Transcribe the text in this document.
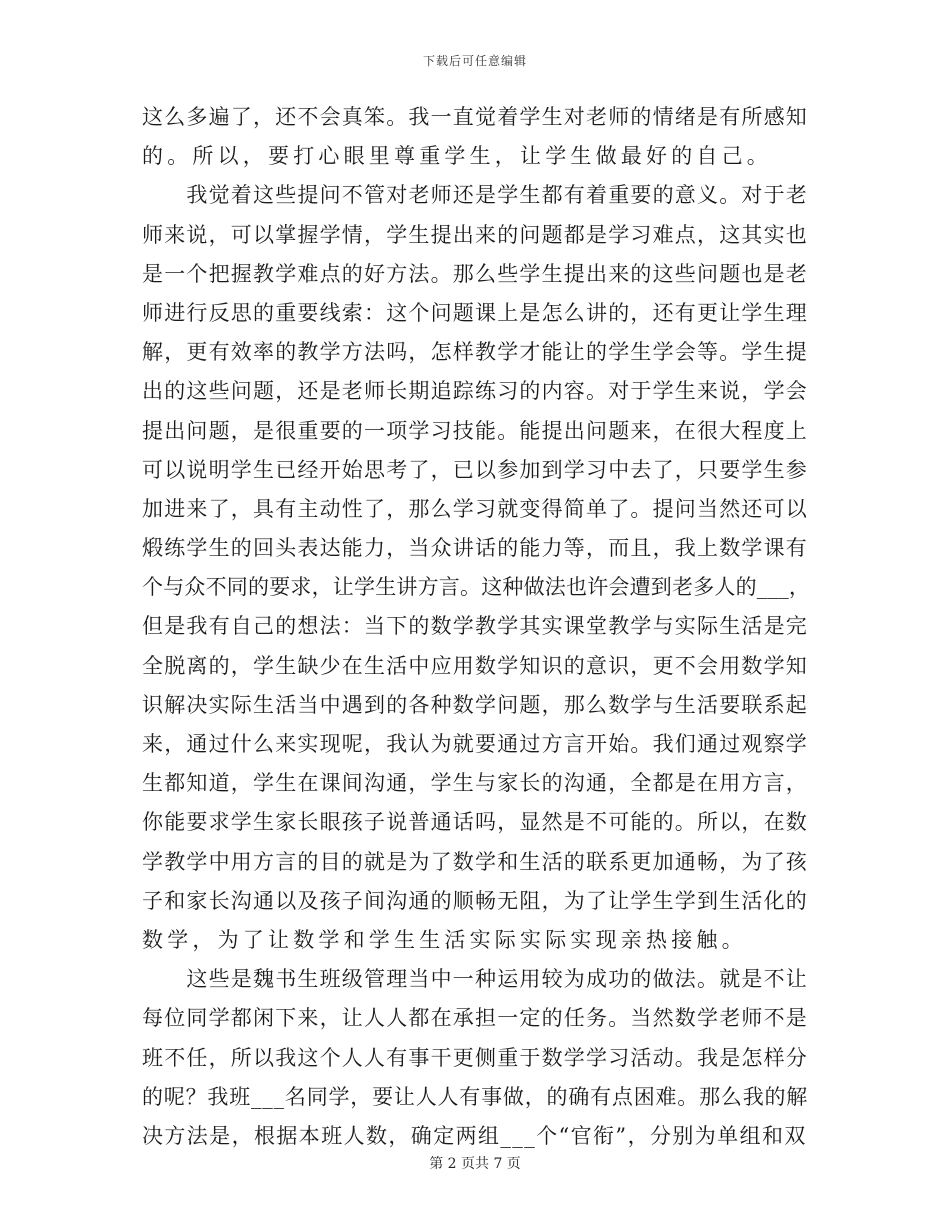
下载后可任意编辑
这么多遍了，还不会真笨。我一直觉着学生对老师的情绪是有所感知
的。所以，要打心眼里尊重学生，让学生做最好的自己。
　　我觉着这些提问不管对老师还是学生都有着重要的意义。对于老
师来说，可以掌握学情，学生提出来的问题都是学习难点，这其实也
是一个把握教学难点的好方法。那么些学生提出来的这些问题也是老
师进行反思的重要线索：这个问题课上是怎么讲的，还有更让学生理
解，更有效率的教学方法吗，怎样教学才能让的学生学会等。学生提
出的这些问题，还是老师长期追踪练习的内容。对于学生来说，学会
提出问题，是很重要的一项学习技能。能提出问题来，在很大程度上
可以说明学生已经开始思考了，已以参加到学习中去了，只要学生参
加进来了，具有主动性了，那么学习就变得简单了。提问当然还可以
煅练学生的回头表达能力，当众讲话的能力等，而且，我上数学课有
个与众不同的要求，让学生讲方言。这种做法也许会遭到老多人的___，
但是我有自己的想法：当下的数学教学其实课堂教学与实际生活是完
全脱离的，学生缺少在生活中应用数学知识的意识，更不会用数学知
识解决实际生活当中遇到的各种数学问题，那么数学与生活要联系起
来，通过什么来实现呢，我认为就要通过方言开始。我们通过观察学
生都知道，学生在课间沟通，学生与家长的沟通，全都是在用方言，
你能要求学生家长眼孩子说普通话吗，显然是不可能的。所以，在数
学教学中用方言的目的就是为了数学和生活的联系更加通畅，为了孩
子和家长沟通以及孩子间沟通的顺畅无阻，为了让学生学到生活化的
数学，为了让数学和学生生活实际实际实现亲热接触。
　　这些是魏书生班级管理当中一种运用较为成功的做法。就是不让
每位同学都闲下来，让人人都在承担一定的任务。当然数学老师不是
班不任，所以我这个人人有事干更侧重于数学学习活动。我是怎样分
的呢？我班___名同学，要让人人有事做，的确有点困难。那么我的解
决方法是，根据本班人数，确定两组___个“官衔”，分别为单组和双
第 2 页共 7 页
